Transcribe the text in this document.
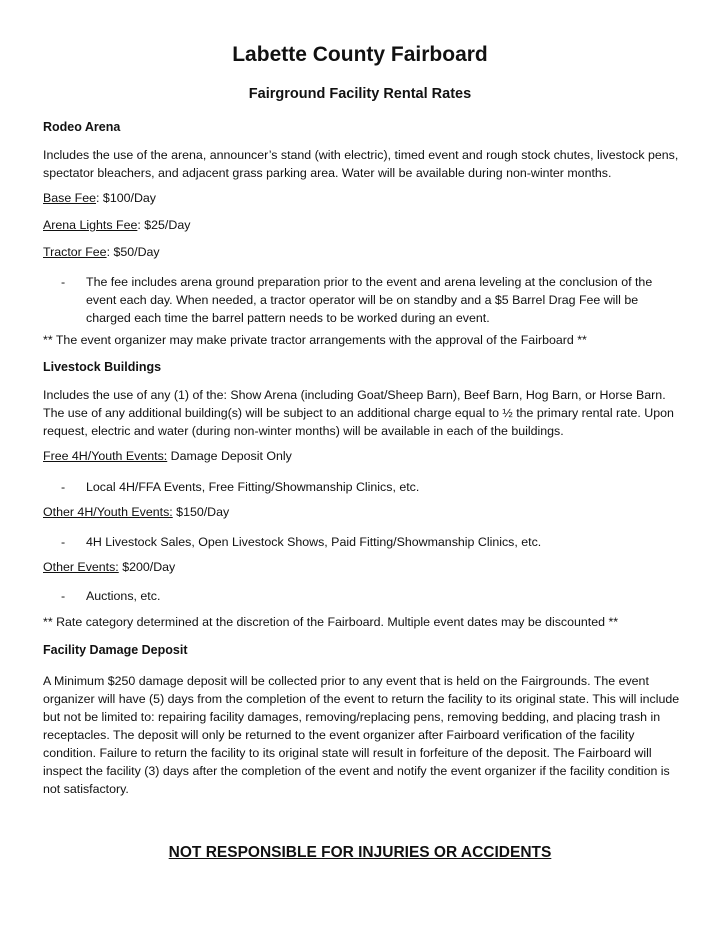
Labette County Fairboard
Fairground Facility Rental Rates
Rodeo Arena

Includes the use of the arena, announcer’s stand (with electric), timed event and rough stock chutes, livestock pens, spectator bleachers, and adjacent grass parking area. Water will be available during non-winter months.

Base Fee: $100/Day
Arena Lights Fee: $25/Day
Tractor Fee: $50/Day
- The fee includes arena ground preparation prior to the event and arena leveling at the conclusion of the event each day. When needed, a tractor operator will be on standby and a $5 Barrel Drag Fee will be charged each time the barrel pattern needs to be worked during an event.
** The event organizer may make private tractor arrangements with the approval of the Fairboard **
Livestock Buildings

Includes the use of any (1) of the: Show Arena (including Goat/Sheep Barn), Beef Barn, Hog Barn, or Horse Barn. The use of any additional building(s) will be subject to an additional charge equal to ½ the primary rental rate. Upon request, electric and water (during non-winter months) will be available in each of the buildings.

Free 4H/Youth Events: Damage Deposit Only
- Local 4H/FFA Events, Free Fitting/Showmanship Clinics, etc.
Other 4H/Youth Events: $150/Day
- 4H Livestock Sales, Open Livestock Shows, Paid Fitting/Showmanship Clinics, etc.
Other Events: $200/Day
- Auctions, etc.
** Rate category determined at the discretion of the Fairboard. Multiple event dates may be discounted **
Facility Damage Deposit

A Minimum $250 damage deposit will be collected prior to any event that is held on the Fairgrounds. The event organizer will have (5) days from the completion of the event to return the facility to its original state. This will include but not be limited to: repairing facility damages, removing/replacing pens, removing bedding, and placing trash in receptacles. The deposit will only be returned to the event organizer after Fairboard verification of the facility condition. Failure to return the facility to its original state will result in forfeiture of the deposit. The Fairboard will inspect the facility (3) days after the completion of the event and notify the event organizer if the facility condition is not satisfactory.

NOT RESPONSIBLE FOR INJURIES OR ACCIDENTS
